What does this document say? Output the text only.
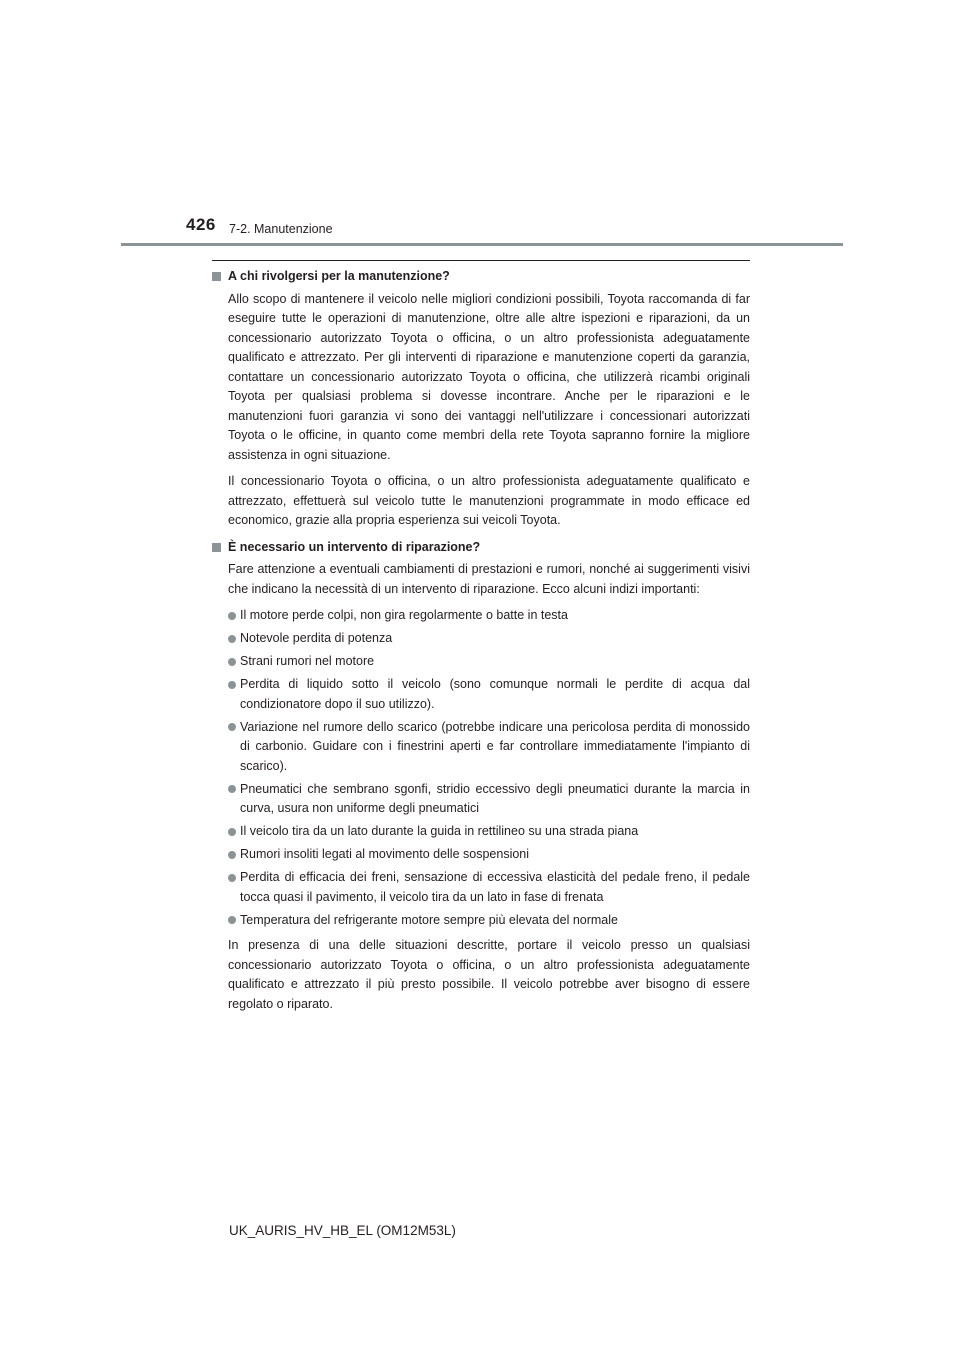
426 7-2. Manutenzione
A chi rivolgersi per la manutenzione?

Allo scopo di mantenere il veicolo nelle migliori condizioni possibili, Toyota raccomanda di far eseguire tutte le operazioni di manutenzione, oltre alle altre ispezioni e riparazioni, da un concessionario autorizzato Toyota o officina, o un altro professionista adeguatamente qualificato e attrezzato. Per gli interventi di riparazione e manutenzione coperti da garanzia, contattare un concessionario autorizzato Toyota o officina, che utilizzerà ricambi originali Toyota per qualsiasi problema si dovesse incontrare. Anche per le riparazioni e le manutenzioni fuori garanzia vi sono dei vantaggi nell'utilizzare i concessionari autorizzati Toyota o le officine, in quanto come membri della rete Toyota sapranno fornire la migliore assistenza in ogni situazione.

Il concessionario Toyota o officina, o un altro professionista adeguatamente qualificato e attrezzato, effettuerà sul veicolo tutte le manutenzioni programmate in modo efficace ed economico, grazie alla propria esperienza sui veicoli Toyota.

È necessario un intervento di riparazione?

Fare attenzione a eventuali cambiamenti di prestazioni e rumori, nonché ai suggerimenti visivi che indicano la necessità di un intervento di riparazione. Ecco alcuni indizi importanti:

Il motore perde colpi, non gira regolarmente o batte in testa
Notevole perdita di potenza
Strani rumori nel motore
Perdita di liquido sotto il veicolo (sono comunque normali le perdite di acqua dal condizionatore dopo il suo utilizzo).
Variazione nel rumore dello scarico (potrebbe indicare una pericolosa perdita di monossido di carbonio. Guidare con i finestrini aperti e far controllare immediatamente l'impianto di scarico).
Pneumatici che sembrano sgonfi, stridio eccessivo degli pneumatici durante la marcia in curva, usura non uniforme degli pneumatici
Il veicolo tira da un lato durante la guida in rettilineo su una strada piana
Rumori insoliti legati al movimento delle sospensioni
Perdita di efficacia dei freni, sensazione di eccessiva elasticità del pedale freno, il pedale tocca quasi il pavimento, il veicolo tira da un lato in fase di frenata
Temperatura del refrigerante motore sempre più elevata del normale

In presenza di una delle situazioni descritte, portare il veicolo presso un qualsiasi concessionario autorizzato Toyota o officina, o un altro professionista adeguatamente qualificato e attrezzato il più presto possibile. Il veicolo potrebbe aver bisogno di essere regolato o riparato.

UK_AURIS_HV_HB_EL (OM12M53L)
